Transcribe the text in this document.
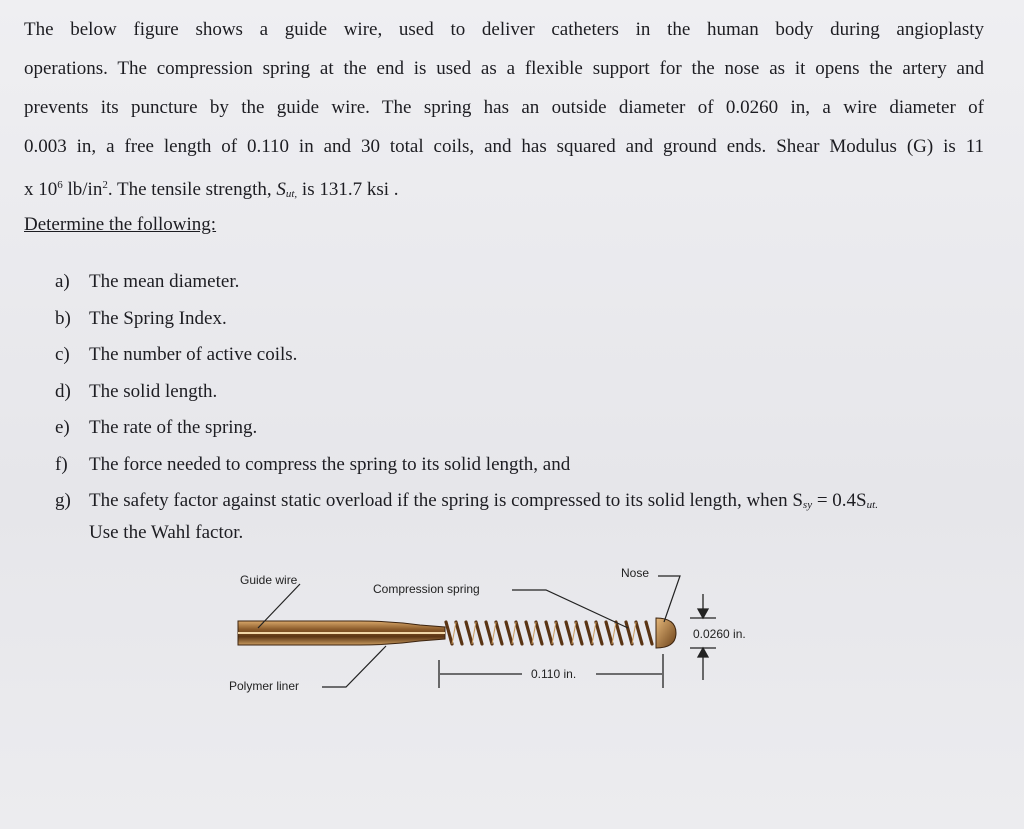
The below figure shows a guide wire, used to deliver catheters in the human body during angioplasty
operations. The compression spring at the end is used as a flexible support for the nose as it opens the artery and
prevents its puncture by the guide wire. The spring has an outside diameter of 0.0260 in, a wire diameter of
0.003 in, a free length of 0.110 in and 30 total coils, and has squared and ground ends. Shear Modulus (G) is 11
x $10^6$ $lb/in^2$. The tensile strength, Sut, is 131.7 ksi .
Determine the following:
a) The mean diameter.
b) The Spring Index.
c) The number of active coils.
d) The solid length.
e) The rate of the spring.
f) The force needed to compress the spring to its solid length, and
g) The safety factor against static overload if the spring is compressed to its solid length, when Ssy = 0.4Sut.
Use the Wahl factor.
Guide wire
Compression spring
Nose
Polymer liner
0.0260 in.
0.110 in.
